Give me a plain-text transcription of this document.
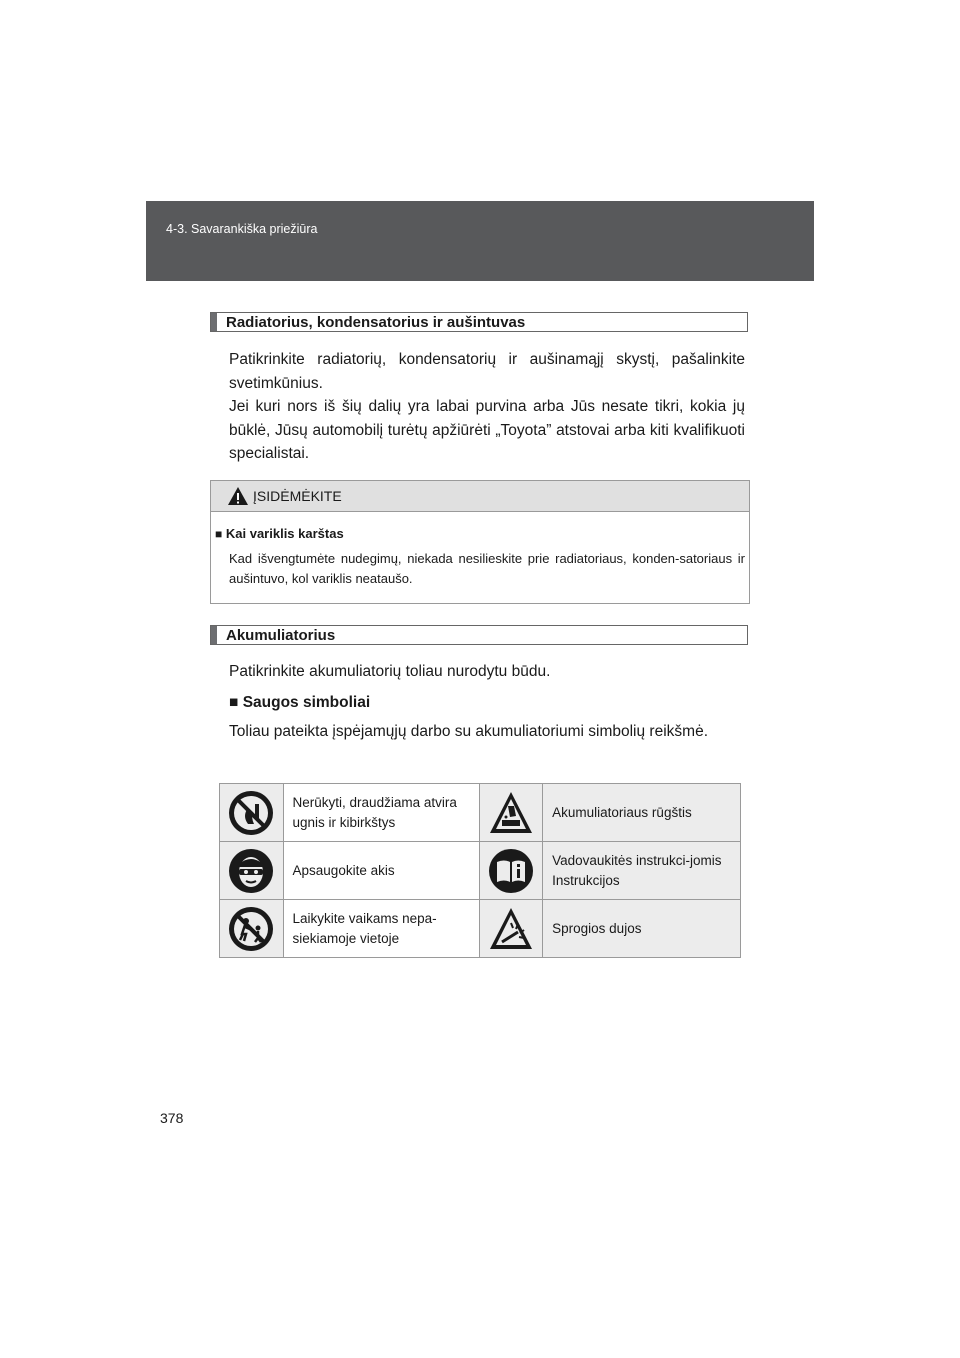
4-3. Savarankiška priežiūra
Radiatorius, kondensatorius ir aušintuvas

Patikrinkite radiatorių, kondensatorių ir aušinamąjį skystį, pašalinkite svetimkūnius.

Jei kuri nors iš šių dalių yra labai purvina arba Jūs nesate tikri, kokia jų būklė, Jūsų automobilį turėtų apžiūrėti „Toyota” atstovai arba kiti kvalifikuoti specialistai.

ĮSIDĖMĖKITE
■ Kai variklis karštas
Kad išvengtumėte nudegimų, niekada nesilieskite prie radiatoriaus, konden-satoriaus ir aušintuvo, kol variklis neataušo.
Akumuliatorius
Patikrinkite akumuliatorių toliau nurodytu būdu.
■ Saugos simboliai
Toliau pateikta įspėjamųjų darbo su akumuliatoriumi simbolių reikšmė.
	Nerūkyti, draudžiama atvira ugnis ir kibirkštys		Akumuliatoriaus rūgštis

	Apsaugokite akis		Vadovaukitės instrukci-jomis Instrukcijos

	Laikykite vaikams nepa-siekiamoje vietoje		Sprogios dujos
378
